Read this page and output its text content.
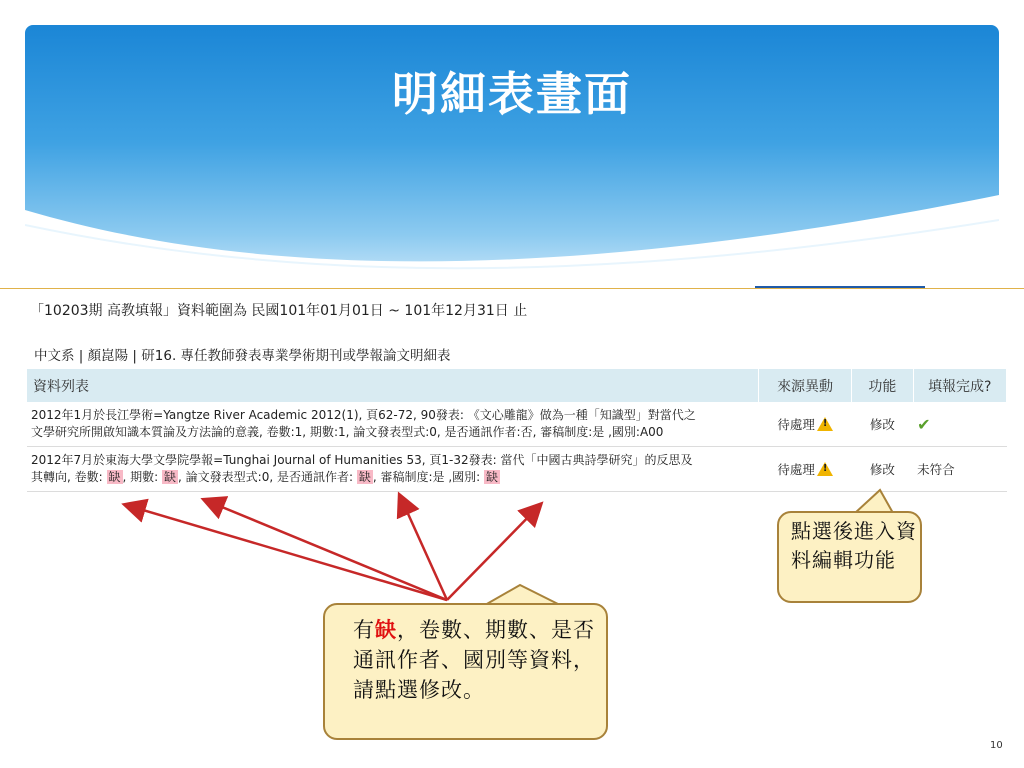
明細表畫面
「10203期 高教填報」資料範圍為 民國101年01月01日 ~ 101年12月31日 止
中文系 | 顏崑陽 | 研16. 專任教師發表專業學術期刊或學報論文明細表
資料列表	來源異動	功能	填報完成?

2012年1月於長江學術=Yangtze River Academic 2012(1), 頁62-72, 90發表: 《文心雕龍》做為一種「知識型」對當代之
文學研究所開啟知識本質論及方法論的意義, 卷數:1, 期數:1, 論文發表型式:0, 是否通訊作者:否, 審稿制度:是 ,國別:A00	待處理!	修改	✔

2012年7月於東海大學文學院學報=Tunghai Journal of Humanities 53, 頁1-32發表: 當代「中國古典詩學研究」的反思及
其轉向, 卷數: 缺 , 期數: 缺 , 論文發表型式:0, 是否通訊作者: 缺 , 審稿制度:是 ,國別: 缺	待處理!	修改	未符合
點選後進入資料編輯功能
有缺，卷數、期數、是否通訊作者、國別等資料，請點選修改。
10
